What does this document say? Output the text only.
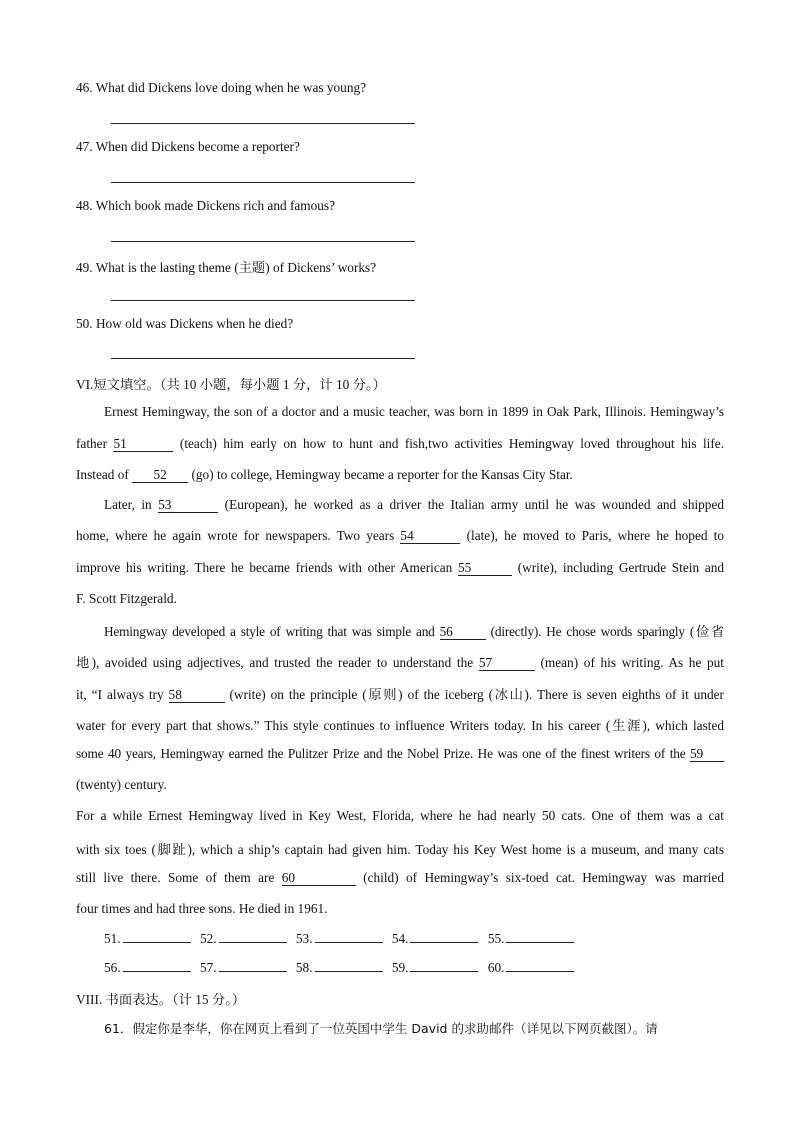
46. What did Dickens love doing when he was young?
47. When did Dickens become a reporter?
48. Which book made Dickens rich and famous?
49. What is the lasting theme (主题) of Dickens’ works?
50. How old was Dickens when he died?
VI.短文填空。（共 10 小题，每小题 1 分，计 10 分。）
Ernest Hemingway, the son of a doctor and a music teacher, was born in 1899 in Oak Park, Illinois. Hemingway’s
father 51	(teach) him early on how to hunt and fish,two activities Hemingway loved throughout his life.
Instead of 52 (go) to college, Hemingway became a reporter for the Kansas City Star.
Later, in 53	(European), he worked as a driver the Italian army until he was wounded and shipped
home, where he again wrote for newspapers. Two years 54	(late), he moved to Paris, where he hoped to
improve his writing. There he became friends with other American 55	(write), including Gertrude Stein and
F. Scott Fitzgerald.
Hemingway developed a style of writing that was simple and 56	(directly). He chose words sparingly (俭省
地), avoided using adjectives, and trusted the reader to understand the 57	(mean) of his writing. As he put
it, “I always try 58	(write) on the principle (原则) of the iceberg (冰山). There is seven eighths of it under
water for every part that shows.” This style continues to influence Writers today. In his career (生涯), which lasted
some 40 years, Hemingway earned the Pulitzer Prize and the Nobel Prize. He was one of the finest writers of the 59
(twenty) century.
For a while Ernest Hemingway lived in Key West, Florida, where he had nearly 50 cats. One of them was a cat
with six toes (脚趾), which a ship’s captain had given him. Today his Key West home is a museum, and many cats
still live there. Some of them are 60	(child) of Hemingway’s six-toed cat. Hemingway was married
four times and had three sons. He died in 1961.
51.	52.	53.	54.	55.
56.	57.	58.	59.	60.
VIII. 书面表达。（计 15 分。）
61．假定你是李华，你在网页上看到了一位英国中学生 David 的求助邮件（详见以下网页截图）。请
